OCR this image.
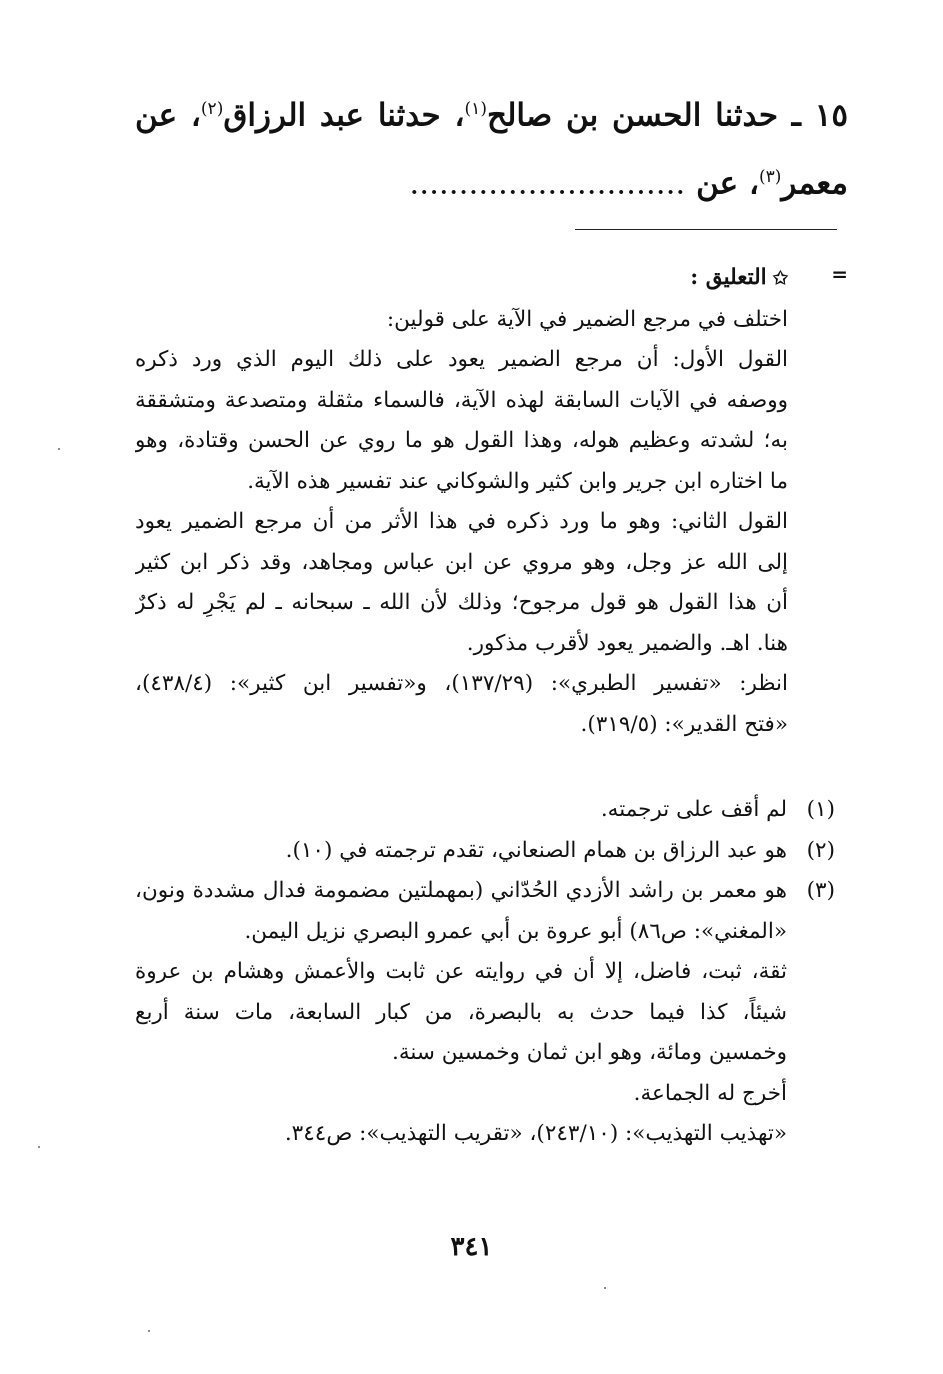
١٥ ـ حدثنا الحسن بن صالح$^{(١)}$، حدثنا عبد الرزاق$^{(٢)}$، عن
معمر$^{(٣)}$، عن ............................
=
✩ التعليق :
اختلف في مرجع الضمير في الآية على قولين:
القول الأول: أن مرجع الضمير يعود على ذلك اليوم الذي ورد ذكره
ووصفه في الآيات السابقة لهذه الآية، فالسماء مثقلة ومتصدعة ومتشققة
به؛ لشدته وعظيم هوله، وهذا القول هو ما روي عن الحسن وقتادة، وهو
ما اختاره ابن جرير وابن كثير والشوكاني عند تفسير هذه الآية.
القول الثاني: وهو ما ورد ذكره في هذا الأثر من أن مرجع الضمير يعود
إلى الله عز وجل، وهو مروي عن ابن عباس ومجاهد، وقد ذكر ابن كثير
أن هذا القول هو قول مرجوح؛ وذلك لأن الله ـ سبحانه ـ لم يَجْرِ له ذكرٌ
هنا. اهـ. والضمير يعود لأقرب مذكور.
انظر: «تفسير الطبري»: (١٣٧/٢٩)، و«تفسير ابن كثير»: (٤٣٨/٤)،
«فتح القدير»: (٣١٩/٥).
(١)
لم أقف على ترجمته.
(٢)
هو عبد الرزاق بن همام الصنعاني، تقدم ترجمته في (١٠).
(٣)
هو معمر بن راشد الأزدي الحُدّاني (بمهملتين مضمومة فدال مشددة ونون،
«المغني»: ص٨٦) أبو عروة بن أبي عمرو البصري نزيل اليمن.
ثقة، ثبت، فاضل، إلا أن في روايته عن ثابت والأعمش وهشام بن عروة
شيئاً، كذا فيما حدث به بالبصرة، من كبار السابعة، مات سنة أربع
وخمسين ومائة، وهو ابن ثمان وخمسين سنة.
أخرج له الجماعة.
«تهذيب التهذيب»: (٢٤٣/١٠)، «تقريب التهذيب»: ص٣٤٤.
٣٤١
